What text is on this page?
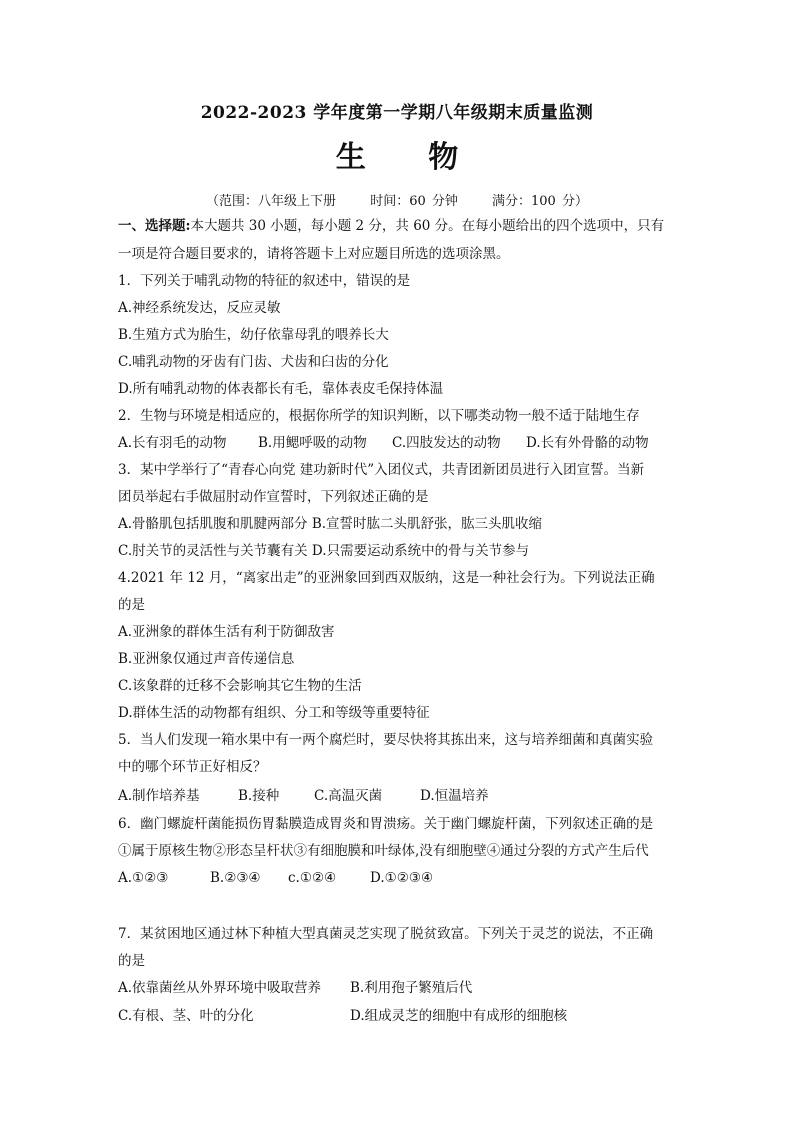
2022-2023 学年度第一学期八年级期末质量监测
生 物
（范围：八年级上下册	时间：60 分钟	满分：100 分）
一、选择题:本大题共 30 小题，每小题 2 分，共 60 分。在每小题给出的四个选项中，只有
一项是符合题目要求的，请将答题卡上对应题目所选的选项涂黑。
1．下列关于哺乳动物的特征的叙述中，错误的是
A.神经系统发达，反应灵敏
B.生殖方式为胎生，幼仔依靠母乳的喂养长大
C.哺乳动物的牙齿有门齿、犬齿和臼齿的分化
D.所有哺乳动物的体表都长有毛，靠体表皮毛保持体温
2．生物与环境是相适应的，根据你所学的知识判断，以下哪类动物一般不适于陆地生存
A.长有羽毛的动物 B.用鳃呼吸的动物 C.四肢发达的动物 D.长有外骨骼的动物
3．某中学举行了“青春心向党 建功新时代”入团仪式，共青团新团员进行入团宣誓。当新
团员举起右手做屈肘动作宣誓时，下列叙述正确的是
A.骨骼肌包括肌腹和肌腱两部分 B.宣誓时肱二头肌舒张，肱三头肌收缩
C.肘关节的灵活性与关节囊有关 D.只需要运动系统中的骨与关节参与
4.2021 年 12 月，“离家出走”的亚洲象回到西双版纳，这是一种社会行为。下列说法正确
的是
A.亚洲象的群体生活有利于防御敌害
B.亚洲象仅通过声音传递信息
C.该象群的迁移不会影响其它生物的生活
D.群体生活的动物都有组织、分工和等级等重要特征
5．当人们发现一箱水果中有一两个腐烂时，要尽快将其拣出来，这与培养细菌和真菌实验
中的哪个环节正好相反？
A.制作培养基	B.接种	C.高温灭菌	D.恒温培养
6．幽门螺旋杆菌能损伤胃黏膜造成胃炎和胃溃疡。关于幽门螺旋杆菌，下列叙述正确的是
①属于原核生物②形态呈杆状③有细胞膜和叶绿体,没有细胞壁④通过分裂的方式产生后代
A.①②③	B.②③④ c.①②④	D.①②③④
7．某贫困地区通过林下种植大型真菌灵芝实现了脱贫致富。下列关于灵芝的说法，不正确
的是
A.依靠菌丝从外界环境中吸取营养 B.利用孢子繁殖后代
C.有根、茎、叶的分化	D.组成灵芝的细胞中有成形的细胞核
